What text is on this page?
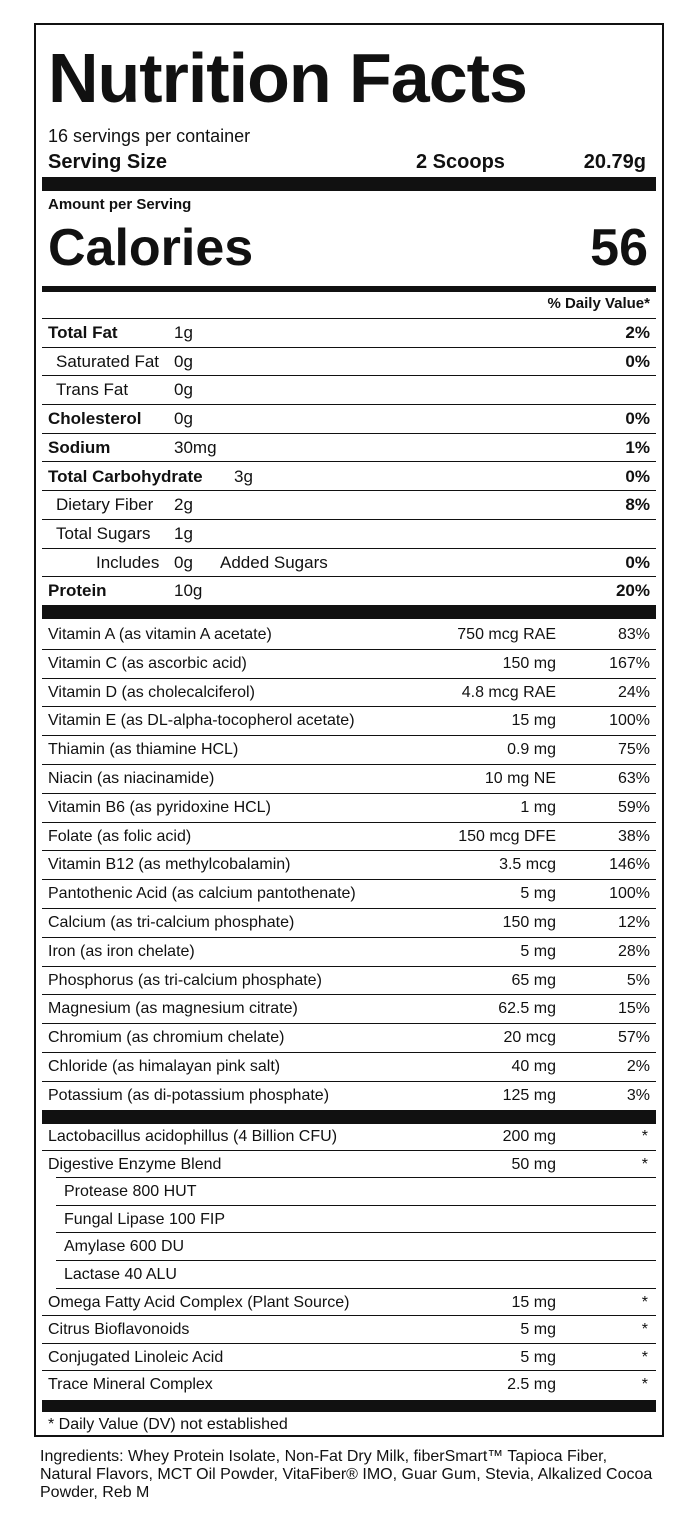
Nutrition Facts
16 servings per container
Serving Size	2 Scoops	20.79g
Amount per Serving
Calories	56
% Daily Value*
Total Fat	1g	2%
Saturated Fat 0g	0%
Trans Fat	0g
Cholesterol 0g	0%
Sodium	30mg	1%
Total Carbohydrate 3g	0%
Dietary Fiber 2g	8%
Total Sugars 1g
Includes 0g Added Sugars	0%
Protein	10g	20%
Vitamin A (as vitamin A acetate)	750 mcg RAE	83%
Vitamin C (as ascorbic acid)	150 mg	167%
Vitamin D (as cholecalciferol)	4.8 mcg RAE	24%
Vitamin E (as DL-alpha-tocopherol acetate)	15 mg	100%
Thiamin (as thiamine HCL)	0.9 mg	75%
Niacin (as niacinamide)	10 mg NE	63%
Vitamin B6 (as pyridoxine HCL)	1 mg	59%
Folate (as folic acid)	150 mcg DFE	38%
Vitamin B12 (as methylcobalamin)	3.5 mcg	146%
Pantothenic Acid (as calcium pantothenate)	5 mg	100%
Calcium (as tri-calcium phosphate)	150 mg	12%
Iron (as iron chelate)	5 mg	28%
Phosphorus (as tri-calcium phosphate)	65 mg	5%
Magnesium (as magnesium citrate)	62.5 mg	15%
Chromium (as chromium chelate)	20 mcg	57%
Chloride (as himalayan pink salt)	40 mg	2%
Potassium (as di-potassium phosphate)	125 mg	3%
Lactobacillus acidophillus (4 Billion CFU)	200 mg	*
Digestive Enzyme Blend	50 mg	*
Protease 800 HUT
Fungal Lipase 100 FIP
Amylase 600 DU
Lactase 40 ALU
Omega Fatty Acid Complex (Plant Source)	15 mg	*
Citrus Bioflavonoids	5 mg	*
Conjugated Linoleic Acid	5 mg	*
Trace Mineral Complex	2.5 mg	*
* Daily Value (DV) not established
Ingredients: Whey Protein Isolate, Non-Fat Dry Milk, fiberSmart™ Tapioca Fiber, Natural Flavors, MCT Oil Powder, VitaFiber® IMO, Guar Gum, Stevia, Alkalized Cocoa Powder, Reb M
